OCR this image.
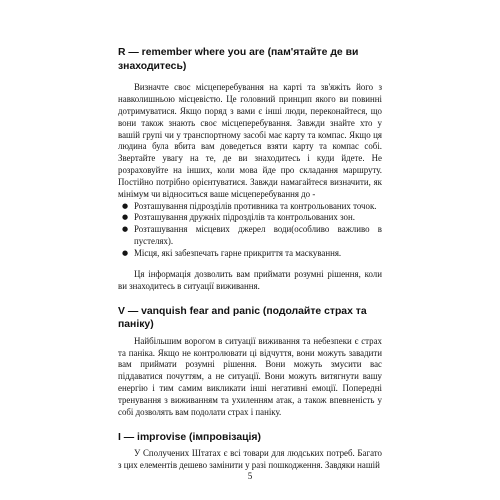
R — remember where you are (пам'ятайте де ви знаходитесь)

Визначте своє місцеперебування на карті та зв'яжіть його з навколишньою місцевістю. Це головний принцип якого ви повинні дотримуватися. Якщо поряд з вами є інші люди, переконайтеся, що вони також знають своє місцеперебування. Завжди знайте хто у вашій групі чи у транспортному засобі має карту та компас. Якщо ця людина була вбита вам доведеться взяти карту та компас собі. Звертайте увагу на те, де ви знаходитесь і куди йдете. Не розраховуйте на інших, коли мова йде про складання маршруту. Постійно потрібно орієнтуватися. Завжди намагайтеся визначити, як мінімум чи відноситься ваше місцеперебування до -

● Розташування підрозділів противника та контрольованих точок.
● Розташування дружніх підрозділів та контрольованих зон.
● Розташування місцевих джерел води(особливо важливо в пустелях).
● Місця, які забезпечать гарне прикриття та маскування.

Ця інформація дозволить вам приймати розумні рішення, коли ви знаходитесь в ситуації виживання.

V — vanquish fear and panic (подолайте страх та паніку)

Найбільшим ворогом в ситуації виживання та небезпеки є страх та паніка. Якщо не контролювати ці відчуття, вони можуть завадити вам приймати розумні рішення. Вони можуть змусити вас піддаватися почуттям, а не ситуації. Вони можуть витягнути вашу енергію і тим самим викликати інші негативні емоції. Попередні тренування з виживанням та ухиленням атак, а також впевненість у собі дозволять вам подолати страх і паніку.

I — improvise (імпровізація)

У Сполучених Штатах є всі товари для людських потреб. Багато з цих елементів дешево замінити у разі пошкодження. Завдяки нашій

5
